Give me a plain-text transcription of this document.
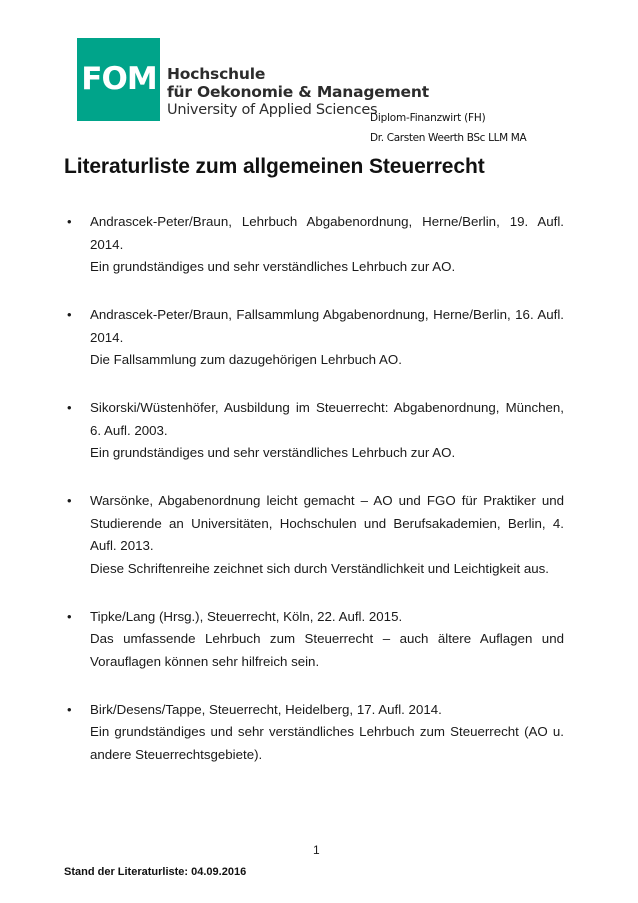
FOM Hochschule
für Oekonomie & Management
University of Applied Sciences
Diplom-Finanzwirt (FH)
Dr. Carsten Weerth BSc LLM MA
Literaturliste zum allgemeinen Steuerrecht
• Andrascek-Peter/Braun, Lehrbuch Abgabenordnung, Herne/Berlin, 19. Aufl. 2014.
Ein grundständiges und sehr verständliches Lehrbuch zur AO.
• Andrascek-Peter/Braun, Fallsammlung Abgabenordnung, Herne/Berlin, 16. Aufl. 2014.
Die Fallsammlung zum dazugehörigen Lehrbuch AO.
• Sikorski/Wüstenhöfer, Ausbildung im Steuerrecht: Abgabenordnung, München, 6. Aufl. 2003.
Ein grundständiges und sehr verständliches Lehrbuch zur AO.
• Warsönke, Abgabenordnung leicht gemacht – AO und FGO für Praktiker und Studierende an Universitäten, Hochschulen und Berufsakademien, Berlin, 4. Aufl. 2013.
Diese Schriftenreihe zeichnet sich durch Verständlichkeit und Leichtigkeit aus.
• Tipke/Lang (Hrsg.), Steuerrecht, Köln, 22. Aufl. 2015.
Das umfassende Lehrbuch zum Steuerrecht – auch ältere Auflagen und Vorauflagen können sehr hilfreich sein.
• Birk/Desens/Tappe, Steuerrecht, Heidelberg, 17. Aufl. 2014.
Ein grundständiges und sehr verständliches Lehrbuch zum Steuerrecht (AO u. andere Steuerrechtsgebiete).
1
Stand der Literaturliste: 04.09.2016
